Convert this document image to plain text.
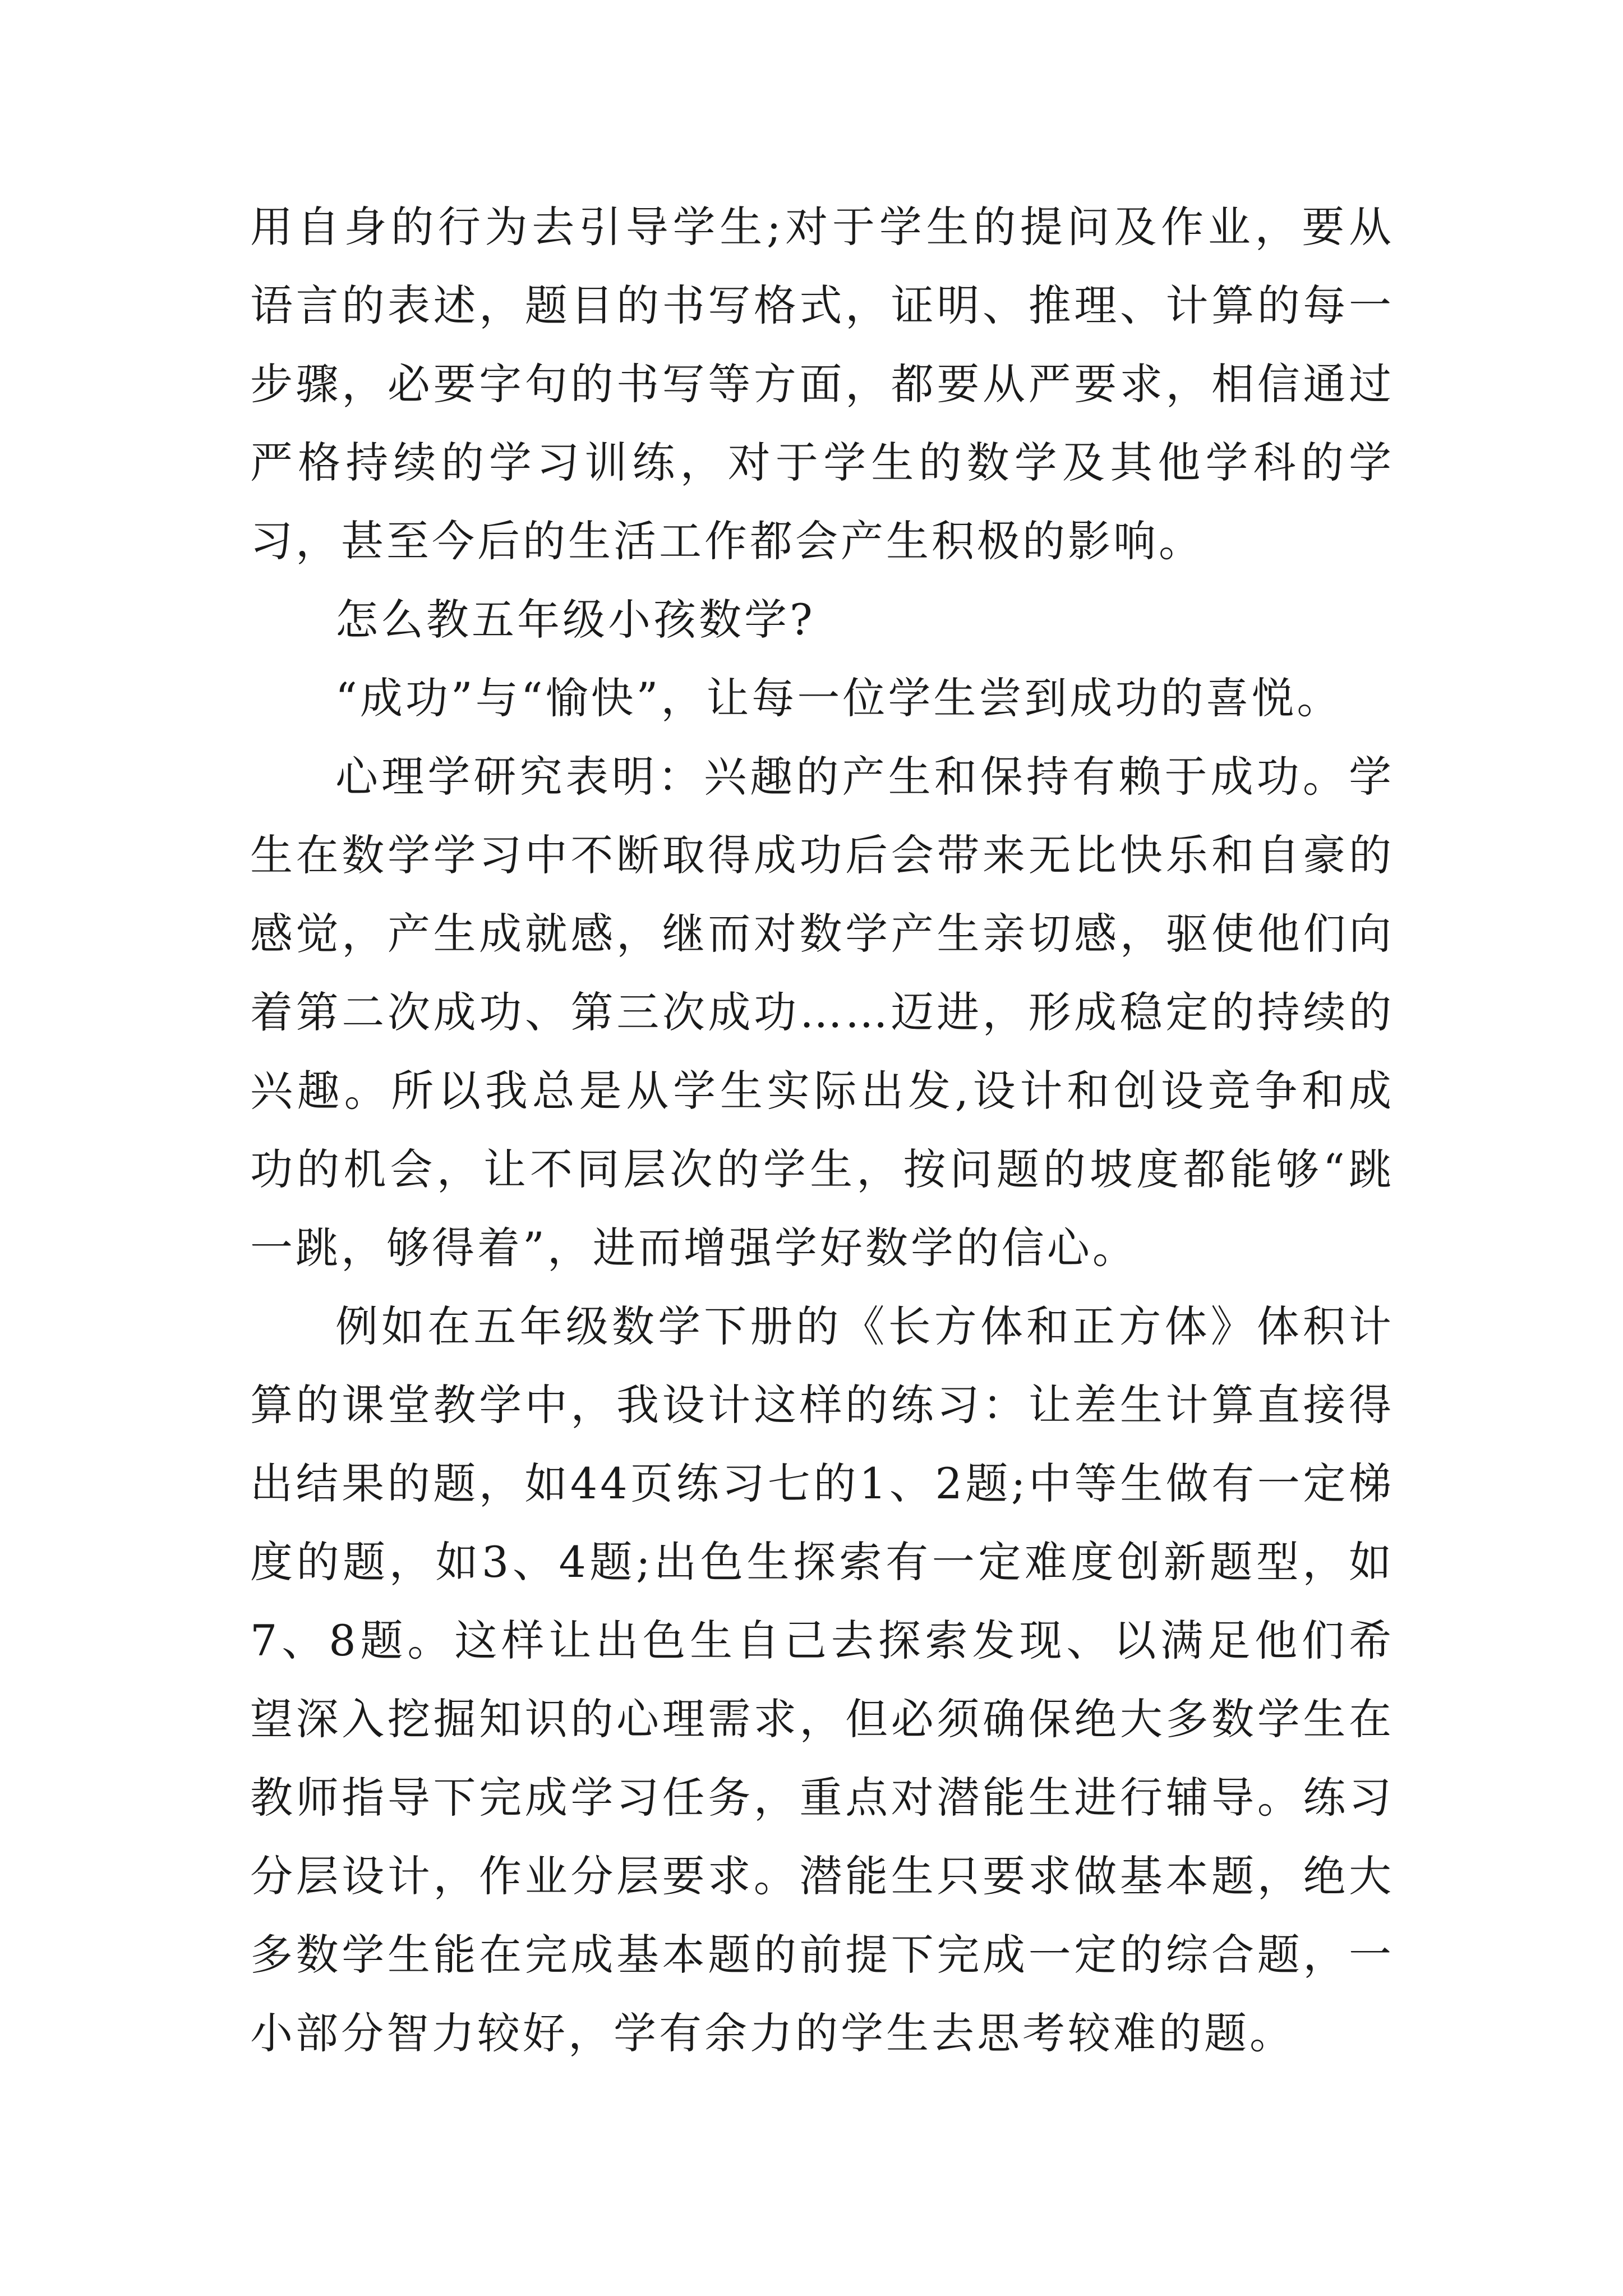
用自身的行为去引导学生;对于学生的提问及作业，要从语言的表述，题目的书写格式，证明、推理、计算的每一步骤，必要字句的书写等方面，都要从严要求，相信通过严格持续的学习训练，对于学生的数学及其他学科的学习，甚至今后的生活工作都会产生积极的影响。

怎么教五年级小孩数学?

“成功”与“愉快”，让每一位学生尝到成功的喜悦。

心理学研究表明：兴趣的产生和保持有赖于成功。学生在数学学习中不断取得成功后会带来无比快乐和自豪的感觉，产生成就感，继而对数学产生亲切感，驱使他们向着第二次成功、第三次成功……迈进，形成稳定的持续的兴趣。所以我总是从学生实际出发,设计和创设竞争和成功的机会，让不同层次的学生，按问题的坡度都能够“跳一跳，够得着”，进而增强学好数学的信心。

例如在五年级数学下册的《长方体和正方体》体积计算的课堂教学中，我设计这样的练习：让差生计算直接得出结果的题，如44页练习七的1、2题;中等生做有一定梯度的题，如3、4题;出色生探索有一定难度创新题型，如7、8题。这样让出色生自己去探索发现、以满足他们希望深入挖掘知识的心理需求，但必须确保绝大多数学生在教师指导下完成学习任务，重点对潜能生进行辅导。练习分层设计，作业分层要求。潜能生只要求做基本题，绝大多数学生能在完成基本题的前提下完成一定的综合题，一小部分智力较好，学有余力的学生去思考较难的题。
